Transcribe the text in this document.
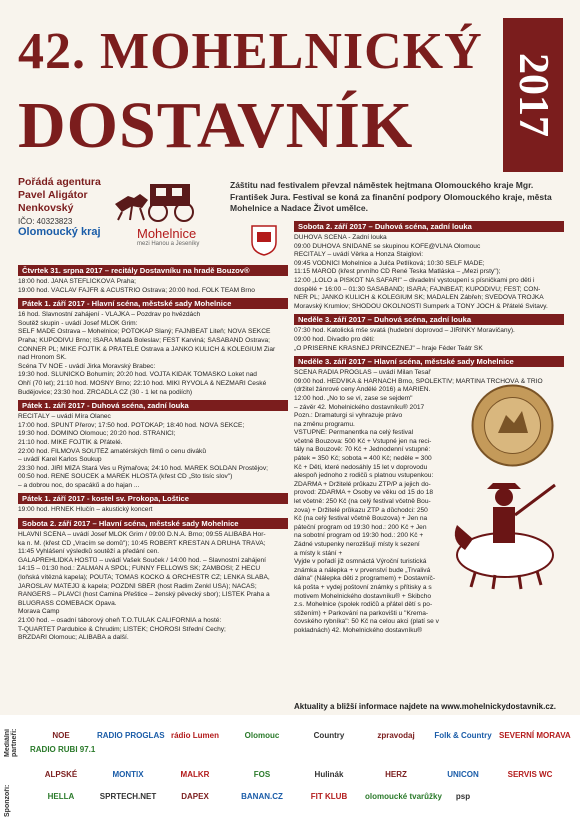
42. MOHELNICKÝ
DOSTAVNÍK 2017
Pořádá agentura
Pavel Aligátor
Nenkovský
IČO: 40323823
Záštitu nad festivalem převzal náměstek hejtmana Olomouckého kraje Mgr. František Jura. Festival se koná za finanční podpory Olomouckého kraje, města Mohelnice a Nadace Život umělce.
Olomoucký kraj	Mohelnice
mezi Hanou a Jeseníky
Čtvrtek 31. srpna 2017 – recitály Dostavníku na hradě Bouzov®
18:00 hod. JANA ŠTEFLÍČKOVÁ Praha;
19:00 hod. VÁCLAV FAJFR & ACUSTRIO Ostrava; 20:00 hod. FOLK TEAM Brno
Pátek 1. září 2017 - Hlavní scéna, městské sady Mohelnice
16 hod. Slavnostní zahájení - VLAJKA – Pozdrav po hvězdách
Soutěž skupin - uvádí Josef MLOK Grim:
SELF MADE Ostrava – Mohelnice; POTOKAP Slaný; FAJNBEAT Liteň; NOVÁ SEKCE
Praha; KUPODIVU Brno; ISARA Mladá Boleslav; FEST Karviná; SASABAND Ostrava;
CONNER PL; MIKE FOJTÍK & PŘÁTELÉ Ostrava a JANKO KULICH & KOLEGIUM Žiar
nad Hronom SK.
Scéna TV NOE - uvádí Jirka Moravský Brabec:
19:30 hod. SLUNÍČKO Bohumín; 20:20 hod. VOJTA KIDÁK TOMÁŠKO Loket nad
Ohří (70 let); 21:10 hod. MOŠNY Brno; 22:10 hod. MIKI RYVOLA & NEZMAŘI České
Budějovice; 23:30 hod. ZRCADLA CZ (30 - 1 let na podiích)
Pátek 1. září 2017 - Duhová scéna, zadní louka
RECITÁLY – uvádí Míra Olanec
17:00 hod. ŠPUNT Přerov; 17:50 hod. POTOKAP; 18:40 hod. NOVÁ SEKCE;
19:30 hod. DOMINO Olomouc; 20:20 hod. STRANIČI;
21:10 hod. MIKE FOJTÍK & Přátelé.
22:00 hod. FILMOVÁ SOUTĚŽ amatérských filmů o cenu diváků
– uvádí Karel Karlos Soukup
23:30 hod. JIŘÍ MÍŽA Stará Ves u Rýmařova; 24:10 hod. MAREK SOLDÁN Prostějov;
00:50 hod. RENÉ SOUČEK a MAREK HLOSTA (křest CD „Sto tisíc slov")
– a dobrou noc, do spacáků a do hajan ...
Pátek 1. září 2017 - kostel sv. Prokopa, Loštice
19:00 hod. HRNEK Hlučín – akustický koncert
Sobota 2. září 2017 – Hlavní scéna, městské sady Mohelnice
HLAVNÍ SCÉNA – uvádí Josef MLOK Grim / 09:00 D.N.A. Brno; 09:55 ALIBABA Hor-
ka n. M. (křest CD „Vracím se domů"); 10:45 ROBERT KŘESŤAN A DRUHÁ TRÁVA;
11:45 Vyhlášení výsledků soutěží a předání cen.
GALAPŘEHLÍDKA HOSTŮ – uvádí Vašek Souček / 14:00 hod. – Slavnostní zahájení
14:15 – 01:30 hod.: ŽALMAN A SPOL; FUNNY FELLOWS SK; ZAMBOŠI; Z HECU
(loňská vítězná kapela); POUTA; TOMÁŠ KOČKO & ORCHESTR CZ; LENKA SLABÁ,
JAROSLAV MATĚJŮ & kapela; POZDNÍ SBĚR (host Radim Zenkl USA); NAČAS;
RANGERS – PLAVCI (host Camina Přeštice – ženský pěvecký sbor); LÍSTEK Praha a
BLUGRASS COMEBACK Opava.
Morava Camp
21:00 hod. – osadní táborový oheň T.O.TULÁK CALIFORNIA a hosté:
T-QUARTET Pardubice & Chrudim; LÍSTEK; CHOROŠI Střední Čechy;
BRZDAŘI Olomouc; ALIBABA a další.
Sobota 2. září 2017 – Duhová scéna, zadní louka
DUHOVÁ SCÉNA - Zadní louka
09:00 DUHOVÁ SNÍDANĚ se skupinou KOFE@VLNA Olomouc
RECITÁLY – uvádí Věrka a Honza Staiglovi:
09:45 VODNÍCI Mohelnice a Julča Petlíková; 10:30 SELF MADE;
11:15 MAROD (křest prvního CD René Teska Matláska – „Mezi prsty");
12:00 „LOLO a PIŠKOT NA SAFARI" – divadelní vystoupení s písničkami pro děti i
dospělé + 16:00 – 01:30 SASABAND; ISARA; FAJNBEAT; KUPODIVU; FEST; CON-
NER PL; JANKO KULICH & KOLEGIUM SK; MADALEN Zábřeh; ŠVÉDOVA TROJKA
Moravský Krumlov; SHODOU OKOLNOSTÍ Šumperk a TONY JOCH & Přátelé Svitavy.
Neděle 3. září 2017 – Duhová scéna, zadní louka
07:30 hod. Katolická mše svatá (hudební doprovod – JIŘINKY Moravičany).
09:00 hod. Divadlo pro děti:
„O PŘÍŠERNĚ KRÁSNÉJ PRINCEZNEJ" – hraje Féder Teátr SK
Neděle 3. září 2017 – Hlavní scéna, městské sady Mohelnice
SCÉNA RADIA PROGLAS – uvádí Milan Tesař
09:00 hod. HEDVIKA & HARNACH Brno, SPOLEKTIV; MARTINA TRCHOVÁ & TRIO
(držitel žánrové ceny Andělé 2016) a MARIEN.
12:00 hod. „No to se ví, zase se sejdem"
– závěr 42. Mohelnického dostavníku® 2017
Pozn.: Dramaturgi si vyhrazuje právo
na změnu programu.
VSTUPNÉ: Permanentka na celý festival
včetně Bouzova: 500 Kč + Vstupné jen na reci-
tály na Bouzově: 70 Kč + Jednodenní vstupné:
pátek = 350 Kč; sobota = 400 Kč; neděle = 300
Kč + Děti, které nedosáhly 15 let v doprovodu
alespoň jednoho z rodičů s platnou vstupenkou:
ZDARMA + Držitelé průkazu ZTP/P a jejich do-
provod: ZDARMA + Osoby ve věku od 15 do 18
let včetně: 250 Kč (na celý festival včetně Bou-
zova) + Držitelé průkazu ZTP a důchodci: 250
Kč (na celý festival včetně Bouzova) + Jen na
páteční program od 19:30 hod.: 200 Kč + Jen
na sobotní program od 19:30 hod.: 200 Kč +
Žádné vstupenky nerozlišují místy k sezení
a místy k stání +
Vyjde v pořadí již osmnáctá Výroční turistická
známka a nálepka + v prvenství bude „Trvalivá
dálna" (Nálepka děti z programem) + Dostavníč-
ká pošta + vydej poštovní známky s přítisky a s
motivem Mohelnického dostavníku® + Skibcho
z.s. Mohelnice (spolek rodičů a přátel dětí s po-
stižením) + Parkování na parkovišti u "Krema-
čovského rybníka": 50 Kč na celou akci (platí se v
pokladnách) 42. Mohelnického dostavníku®
Aktuality a bližší informace najdete na www.mohelnickydostavnik.cz.
Mediální partneři:
Sponzoři:
NOE	RADIO PROGLAS rádio Lumen	Olomouc	Country	zpravodaj	Folk & Country SEVERNÍ MORAVA
RADIO RUBI 97.1
ALPSKÉ	MONTIX	MALKR	FOS	Hulinák	HERZ	UNICON	SERVIS WC
HELLA	SPRTECH.NET	DAPEX	BANAN.CZ	FIT KLUB	olomoucké tvarůžky	psp
